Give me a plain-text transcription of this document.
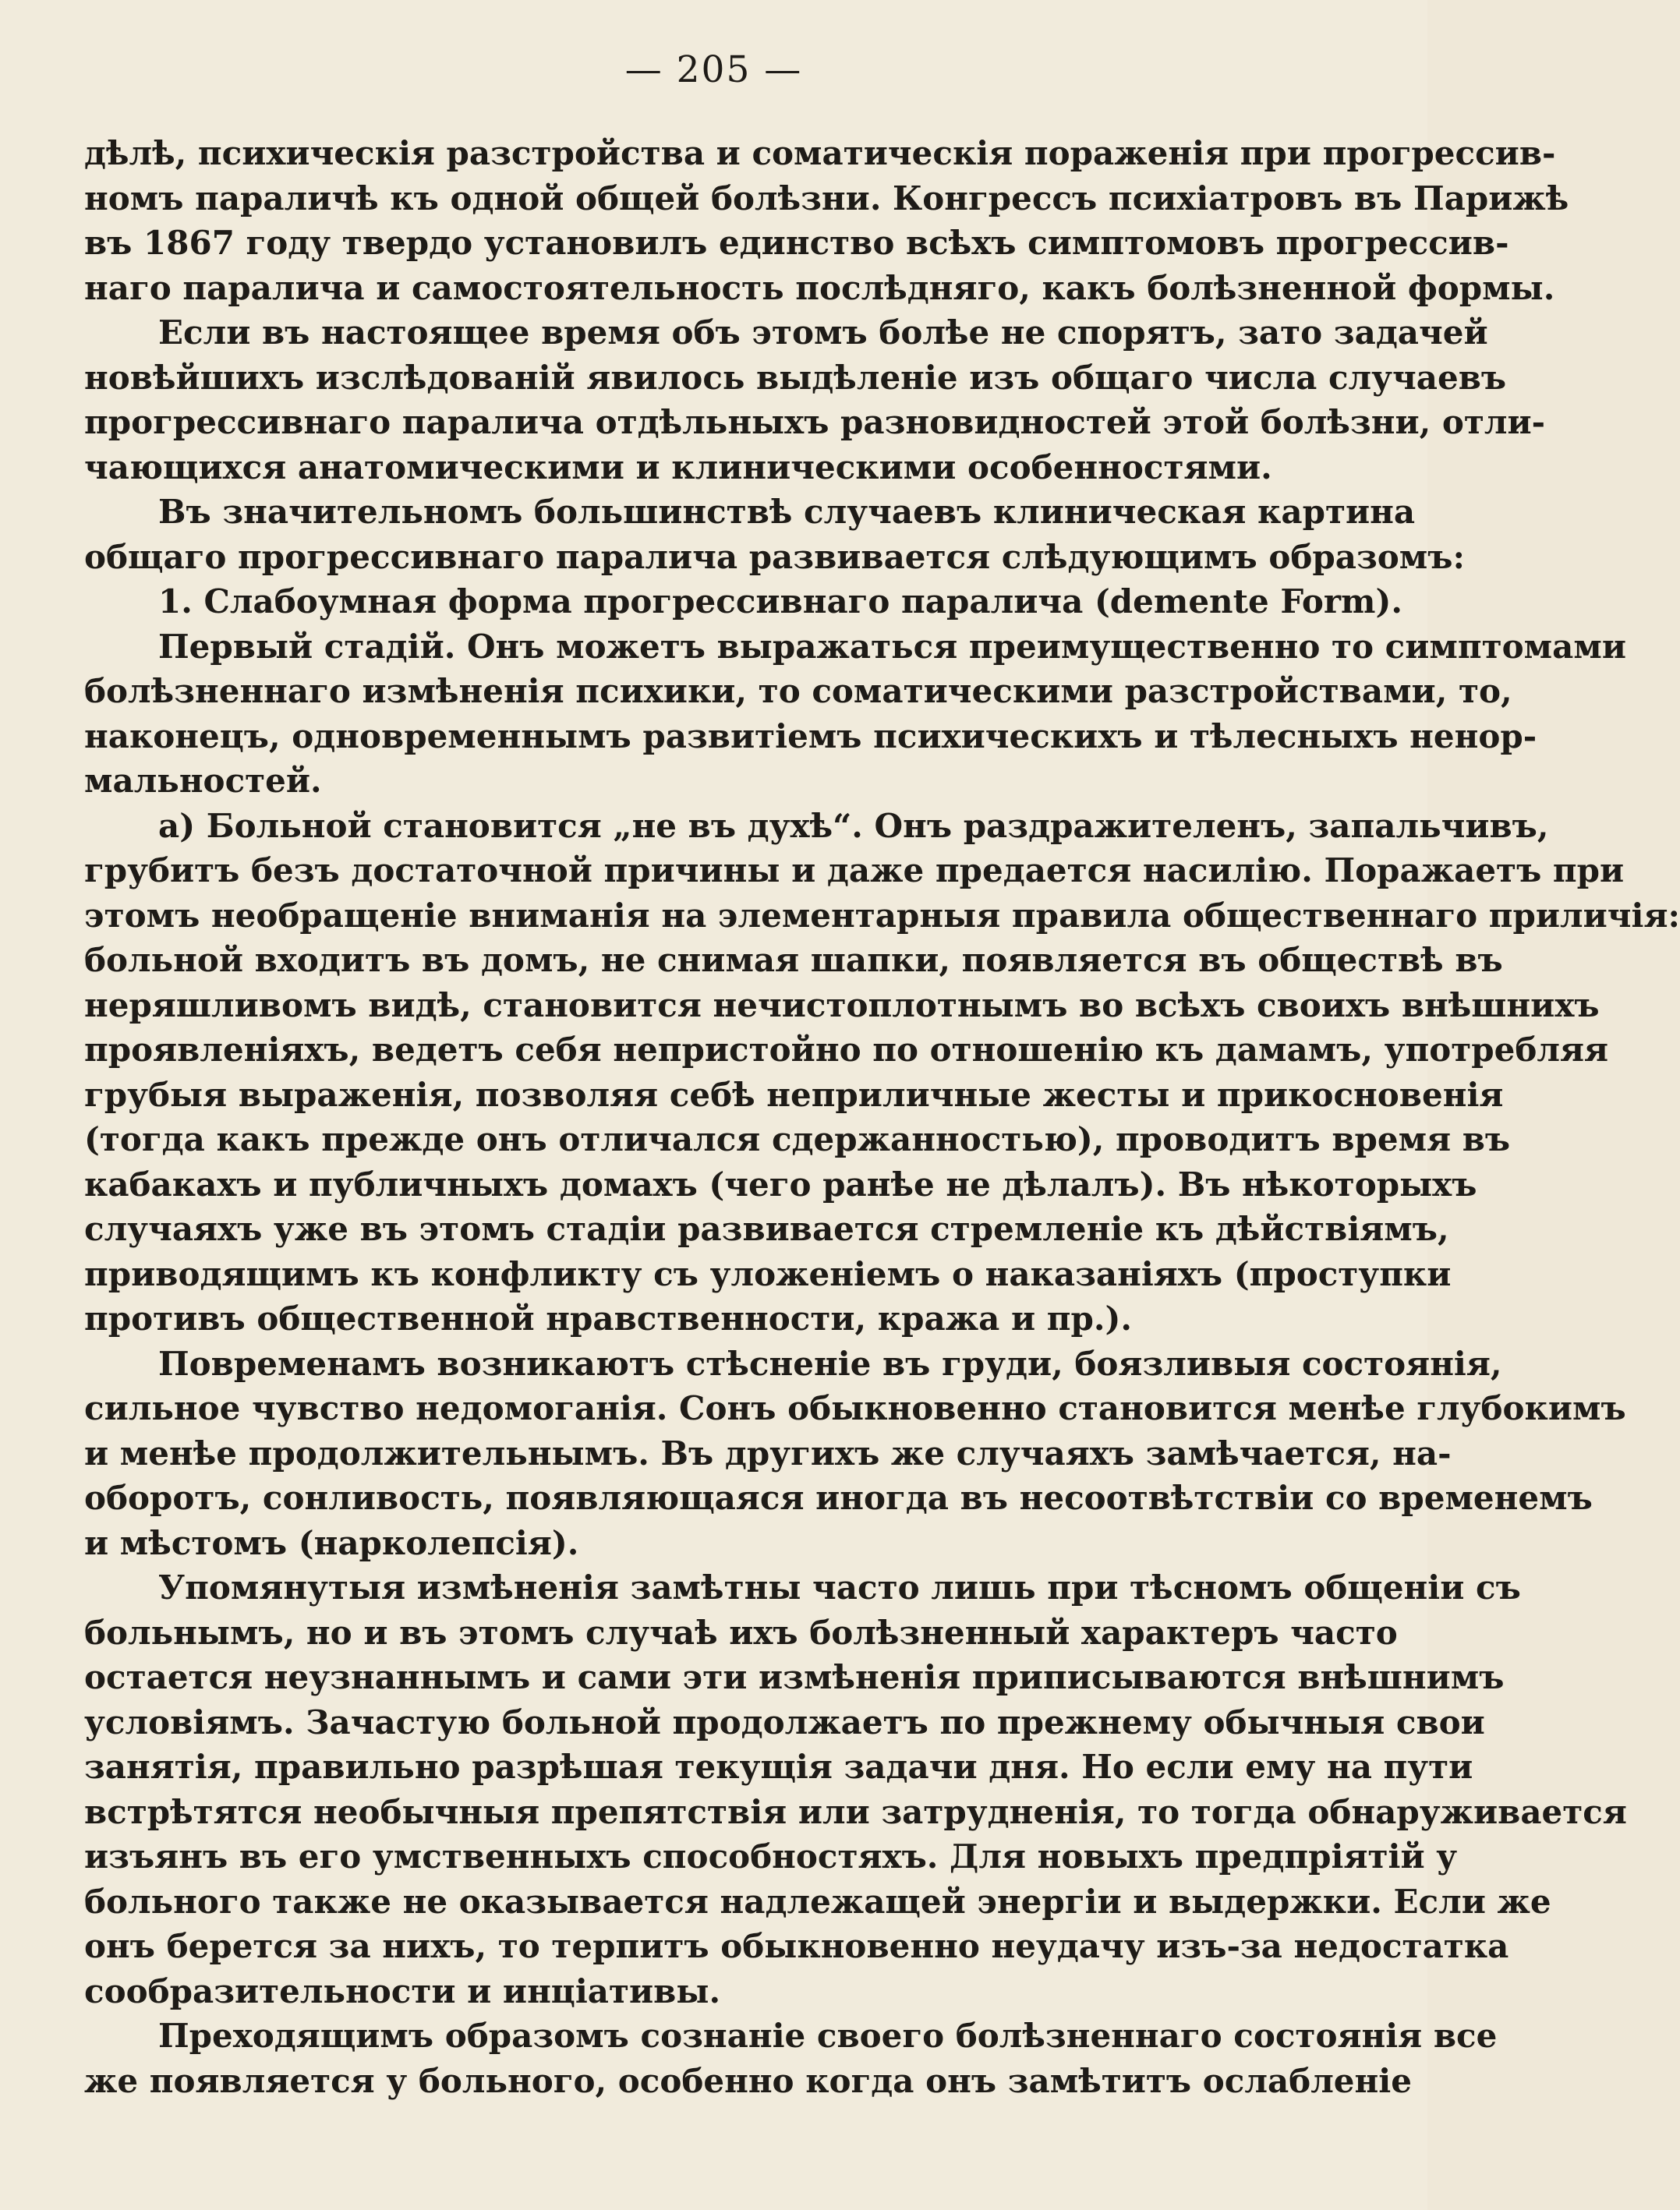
— 205 —
дѣлѣ, психическія разстройства и соматическія пораженія при прогрессив-
номъ параличѣ къ одной общей болѣзни. Конгрессъ психіатровъ въ Парижѣ
въ 1867 году твердо установилъ единство всѣхъ симптомовъ прогрессив-
наго паралича и самостоятельность послѣдняго, какъ болѣзненной формы.
Если въ настоящее время объ этомъ болѣе не спорятъ, зато задачей
новѣйшихъ изслѣдованій явилось выдѣленіе изъ общаго числа случаевъ
прогрессивнаго паралича отдѣльныхъ разновидностей этой болѣзни, отли-
чающихся анатомическими и клиническими особенностями.
Въ значительномъ большинствѣ случаевъ клиническая картина
общаго прогрессивнаго паралича развивается слѣдующимъ образомъ:
1. Слабоумная форма прогрессивнаго паралича (demente Form).
Первый стадій. Онъ можетъ выражаться преимущественно то симптомами
болѣзненнаго измѣненія психики, то соматическими разстройствами, то,
наконецъ, одновременнымъ развитіемъ психическихъ и тѣлесныхъ ненор-
мальностей.
а) Больной становится „не въ духѣ“. Онъ раздражителенъ, запальчивъ,
грубитъ безъ достаточной причины и даже предается насилію. Поражаетъ при
этомъ необращеніе вниманія на элементарныя правила общественнаго приличія:
больной входитъ въ домъ, не снимая шапки, появляется въ обществѣ въ
неряшливомъ видѣ, становится нечистоплотнымъ во всѣхъ своихъ внѣшнихъ
проявленіяхъ, ведетъ себя непристойно по отношенію къ дамамъ, употребляя
грубыя выраженія, позволяя себѣ неприличные жесты и прикосновенія
(тогда какъ прежде онъ отличался сдержанностью), проводитъ время въ
кабакахъ и публичныхъ домахъ (чего ранѣе не дѣлалъ). Въ нѣкоторыхъ
случаяхъ уже въ этомъ стадіи развивается стремленіе къ дѣйствіямъ,
приводящимъ къ конфликту съ уложеніемъ о наказаніяхъ (проступки
противъ общественной нравственности, кража и пр.).
Повременамъ возникаютъ стѣсненіе въ груди, боязливыя состоянія,
сильное чувство недомоганія. Сонъ обыкновенно становится менѣе глубокимъ
и менѣе продолжительнымъ. Въ другихъ же случаяхъ замѣчается, на-
оборотъ, сонливость, появляющаяся иногда въ несоотвѣтствіи со временемъ
и мѣстомъ (нарколепсія).
Упомянутыя измѣненія замѣтны часто лишь при тѣсномъ общеніи съ
больнымъ, но и въ этомъ случаѣ ихъ болѣзненный характеръ часто
остается неузнаннымъ и сами эти измѣненія приписываются внѣшнимъ
условіямъ. Зачастую больной продолжаетъ по прежнему обычныя свои
занятія, правильно разрѣшая текущія задачи дня. Но если ему на пути
встрѣтятся необычныя препятствія или затрудненія, то тогда обнаруживается
изъянъ въ его умственныхъ способностяхъ. Для новыхъ предпріятій у
больного также не оказывается надлежащей энергіи и выдержки. Если же
онъ берется за нихъ, то терпитъ обыкновенно неудачу изъ-за недостатка
сообразительности и инціативы.
Преходящимъ образомъ сознаніе своего болѣзненнаго состоянія все
же появляется у больного, особенно когда онъ замѣтитъ ослабленіе
